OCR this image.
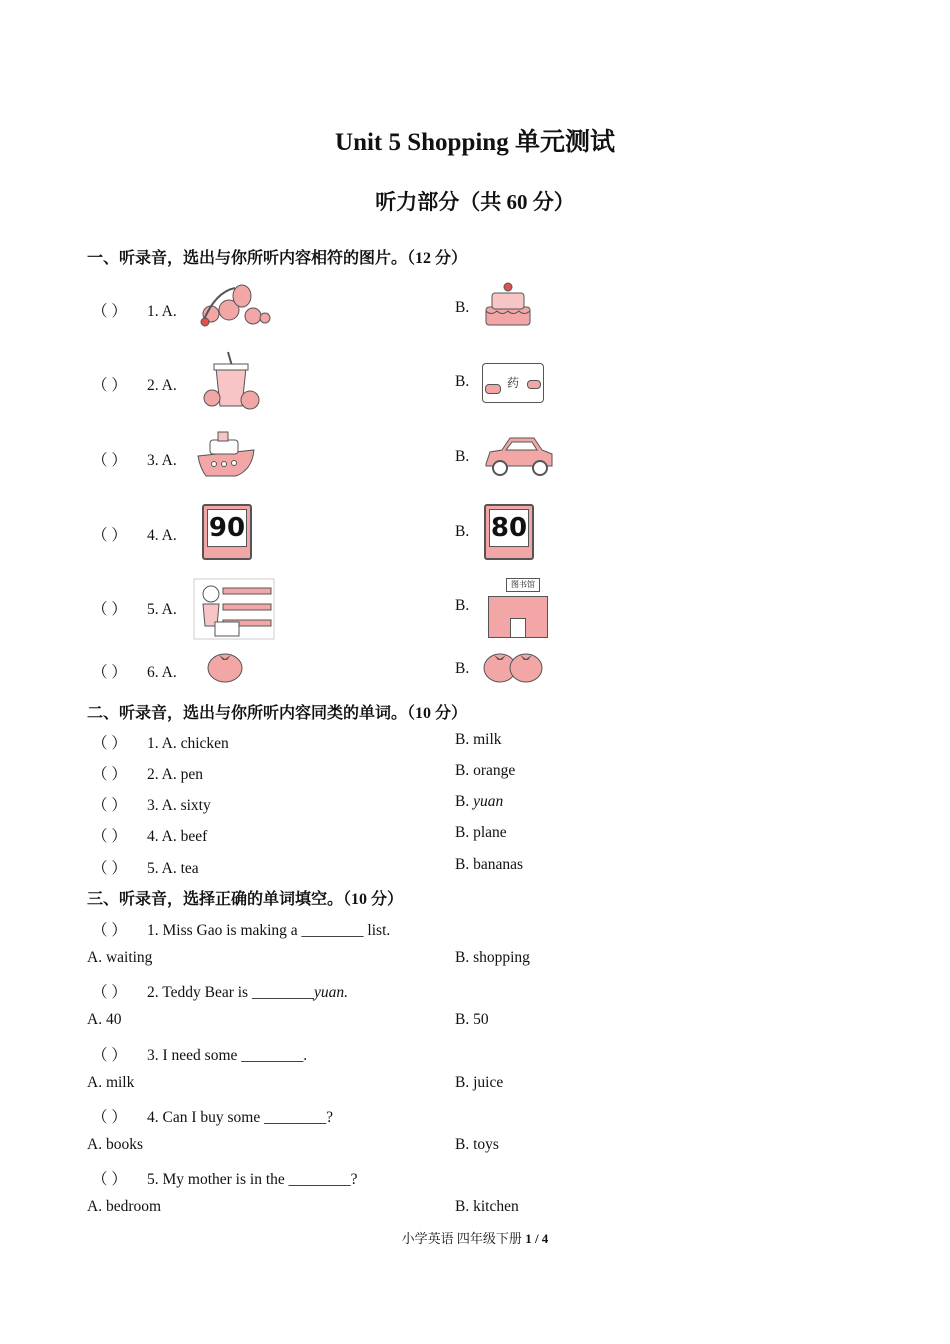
Unit 5 Shopping 单元测试
听力部分（共 60 分）
一、听录音，选出与你所听内容相符的图片。（12 分）
（ ） 1. A.	B.
（ ） 2. A.	B.	药
（ ） 3. A.	B.
（ ） 4. A. 90	B. 80
（ ） 5. A.	B.
图书馆
（ ） 6. A.	B.
二、听录音，选出与你所听内容同类的单词。（10 分）
（ ） 1. A. chicken	B. milk
（ ） 2. A. pen	B. orange
（ ） 3. A. sixty	B. yuan
（ ） 4. A. beef	B. plane
（ ） 5. A. tea	B. bananas
三、听录音，选择正确的单词填空。（10 分）
（ ） 1. Miss Gao is making a ________ list.
A. waiting	B. shopping
（ ） 2. Teddy Bear is ________yuan.
A. 40	B. 50
（ ） 3. I need some ________.
A. milk	B. juice
（ ） 4. Can I buy some ________?
A. books	B. toys
（ ） 5. My mother is in the ________?
A. bedroom	B. kitchen
小学英语 四年级下册 1 / 4
